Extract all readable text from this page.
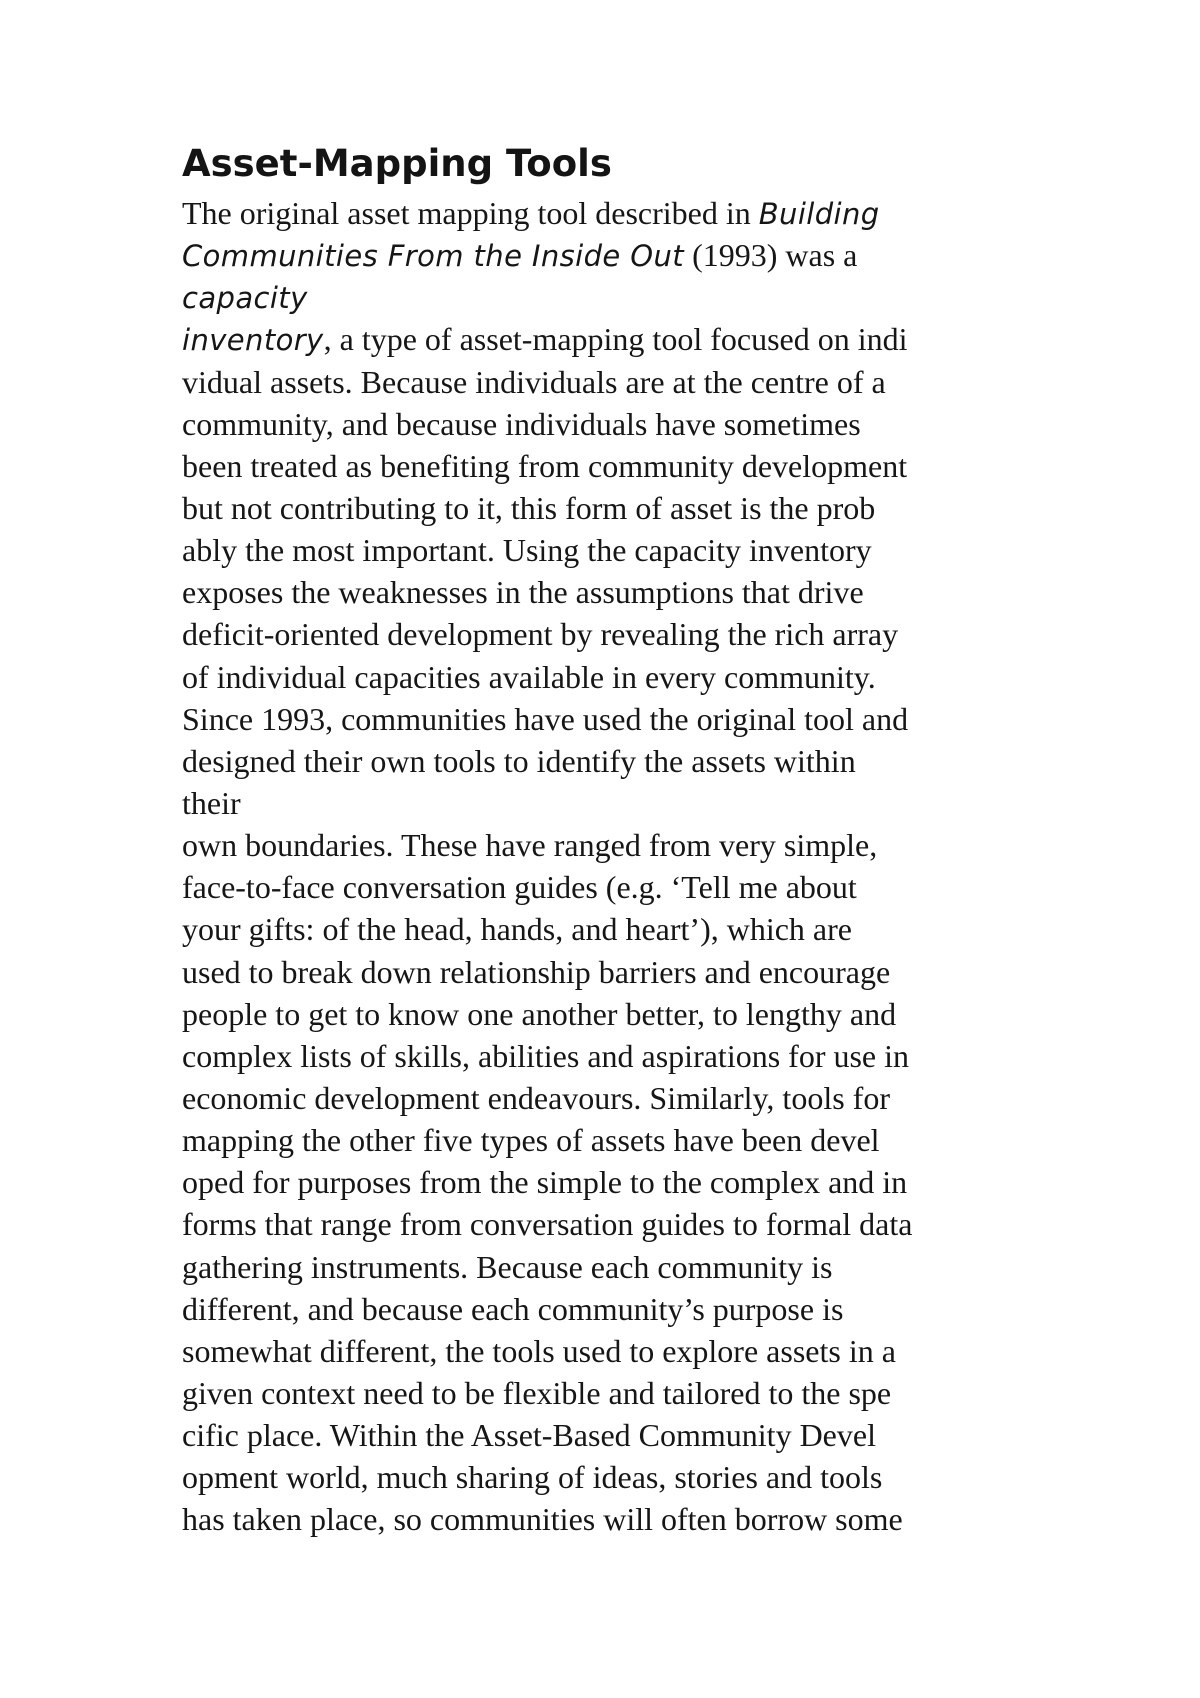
Asset-Mapping Tools
The original asset mapping tool described in Building
Communities From the Inside Out (1993) was a
capacity
inventory, a type of asset-mapping tool focused on indi
vidual assets. Because individuals are at the centre of a
community, and because individuals have sometimes
been treated as benefiting from community development
but not contributing to it, this form of asset is the prob
ably the most important. Using the capacity inventory
exposes the weaknesses in the assumptions that drive
deficit-oriented development by revealing the rich array
of individual capacities available in every community.
Since 1993, communities have used the original tool and
designed their own tools to identify the assets within
their
own boundaries. These have ranged from very simple,
face-to-face conversation guides (e.g. ‘Tell me about
your gifts: of the head, hands, and heart’), which are
used to break down relationship barriers and encourage
people to get to know one another better, to lengthy and
complex lists of skills, abilities and aspirations for use in
economic development endeavours. Similarly, tools for
mapping the other five types of assets have been devel
oped for purposes from the simple to the complex and in
forms that range from conversation guides to formal data
gathering instruments. Because each community is
different, and because each community’s purpose is
somewhat different, the tools used to explore assets in a
given context need to be flexible and tailored to the spe
cific place. Within the Asset-Based Community Devel
opment world, much sharing of ideas, stories and tools
has taken place, so communities will often borrow some
